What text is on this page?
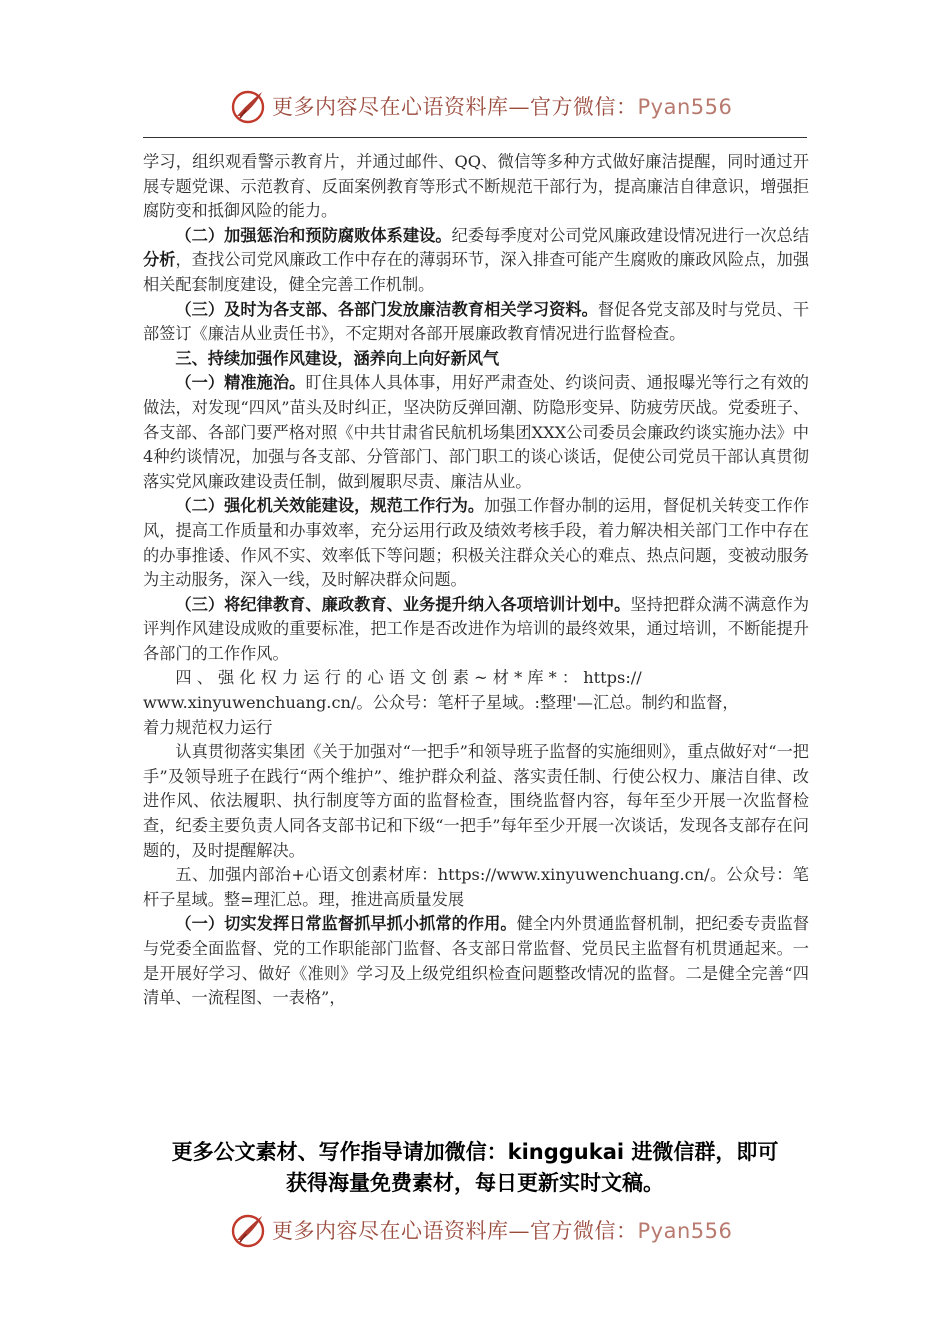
更多内容尽在心语资料库—官方微信：Pyan556

学习，组织观看警示教育片，并通过邮件、QQ、微信等多种方式做好廉洁提醒，同时通过开展专题党课、示范教育、反面案例教育等形式不断规范干部行为，提高廉洁自律意识，增强拒腐防变和抵御风险的能力。

（二）加强惩治和预防腐败体系建设。纪委每季度对公司党风廉政建设情况进行一次总结分析，查找公司党风廉政工作中存在的薄弱环节，深入排查可能产生腐败的廉政风险点，加强相关配套制度建设，健全完善工作机制。

（三）及时为各支部、各部门发放廉洁教育相关学习资料。督促各党支部及时与党员、干部签订《廉洁从业责任书》，不定期对各部开展廉政教育情况进行监督检查。

三、持续加强作风建设，涵养向上向好新风气

（一）精准施治。盯住具体人具体事，用好严肃查处、约谈问责、通报曝光等行之有效的做法，对发现“四风”苗头及时纠正，坚决防反弹回潮、防隐形变异、防疲劳厌战。党委班子、各支部、各部门要严格对照《中共甘肃省民航机场集团XXX公司委员会廉政约谈实施办法》中4种约谈情况，加强与各支部、分管部门、部门职工的谈心谈话，促使公司党员干部认真贯彻落实党风廉政建设责任制，做到履职尽责、廉洁从业。

（二）强化机关效能建设，规范工作行为。加强工作督办制的运用，督促机关转变工作作风，提高工作质量和办事效率，充分运用行政及绩效考核手段，着力解决相关部门工作中存在的办事推诿、作风不实、效率低下等问题；积极关注群众关心的难点、热点问题，变被动服务为主动服务，深入一线，及时解决群众问题。

（三）将纪律教育、廉政教育、业务提升纳入各项培训计划中。坚持把群众满不满意作为评判作风建设成败的重要标准，把工作是否改进作为培训的最终效果，通过培训，不断能提升各部门的工作作风。

四 、 强 化 权 力 运 行 的 心 语 文 创 素 ~ 材 * 库 * ： https://

www.xinyuwenchuang.cn/。公众号：笔杆子星域。:整理'—汇总。制约和监督，

着力规范权力运行

认真贯彻落实集团《关于加强对“一把手”和领导班子监督的实施细则》，重点做好对“一把手”及领导班子在践行“两个维护”、维护群众利益、落实责任制、行使公权力、廉洁自律、改进作风、依法履职、执行制度等方面的监督检查，围绕监督内容，每年至少开展一次监督检查，纪委主要负责人同各支部书记和下级“一把手”每年至少开展一次谈话，发现各支部存在问题的，及时提醒解决。

五、加强内部治+心语文创素材库：https://www.xinyuwenchuang.cn/。公众号：笔杆子星域。整=理汇总。理，推进高质量发展

（一）切实发挥日常监督抓早抓小抓常的作用。健全内外贯通监督机制，把纪委专责监督与党委全面监督、党的工作职能部门监督、各支部日常监督、党员民主监督有机贯通起来。一是开展好学习、做好《准则》学习及上级党组织检查问题整改情况的监督。二是健全完善“四清单、一流程图、一表格”，

更多公文素材、写作指导请加微信：kinggukai 进微信群，即可
获得海量免费素材，每日更新实时文稿。
更多内容尽在心语资料库—官方微信：Pyan556
